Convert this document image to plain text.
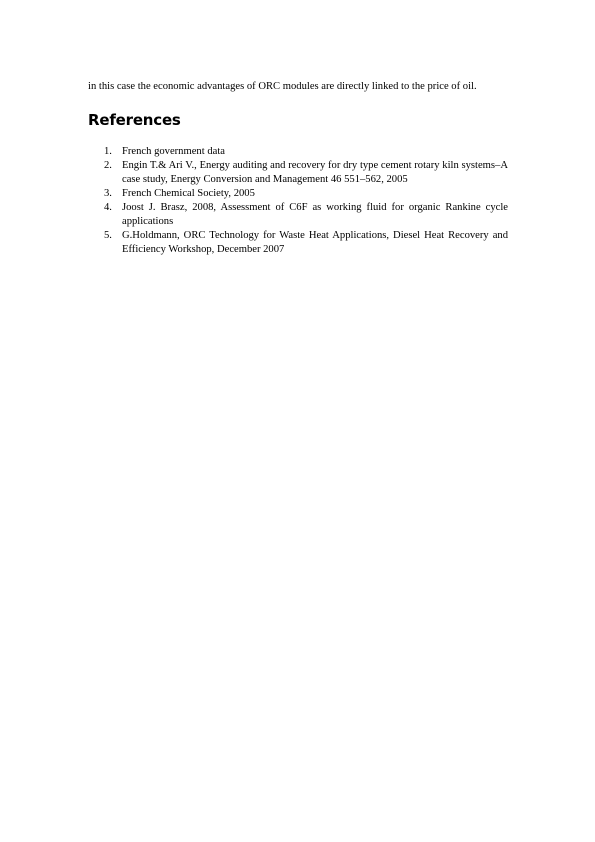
in this case the economic advantages of ORC modules are directly linked to the price of oil.

References
1. French government data
2. Engin T.& Ari V., Energy auditing and recovery for dry type cement rotary kiln systems–A case study, Energy Conversion and Management 46 551–562, 2005
3. French Chemical Society, 2005
4. Joost J. Brasz, 2008, Assessment of C6F as working fluid for organic Rankine cycle applications
5. G.Holdmann, ORC Technology for Waste Heat Applications, Diesel Heat Recovery and Efficiency Workshop, December 2007
